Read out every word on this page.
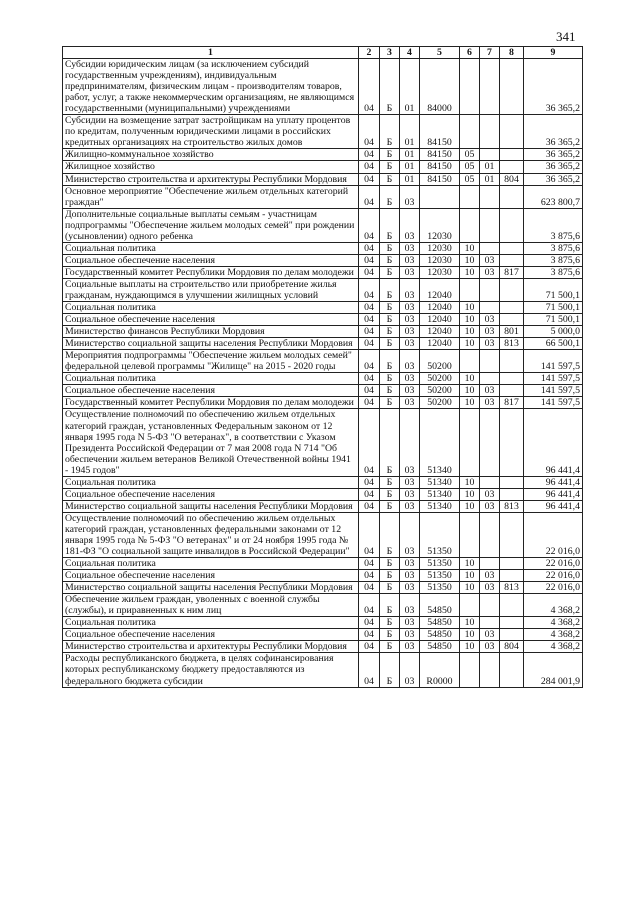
341
1	2	3	4	5	6	7	8	9
Субсидии юридическим лицам (за исключением субсидий государственным учреждениям), индивидуальным предпринимателям, физическим лицам - производителям товаров, работ, услуг, а также некоммерческим организациям, не являющимся государственными (муниципальными) учреждениями	04	Б	01	84000				36 365,2
Субсидии на возмещение затрат застройщикам на уплату процентов по кредитам, полученным юридическими лицами в российских кредитных организациях на строительство жилых домов	04	Б	01	84150				36 365,2
Жилищно-коммунальное хозяйство	04	Б	01	84150	05			36 365,2
Жилищное хозяйство	04	Б	01	84150	05	01		36 365,2
Министерство строительства и архитектуры Республики Мордовия	04	Б	01	84150	05	01	804	36 365,2
Основное мероприятие "Обеспечение жильем отдельных категорий граждан"	04	Б	03					623 800,7
Дополнительные социальные выплаты семьям - участницам подпрограммы "Обеспечение жильем молодых семей" при рождении (усыновлении) одного ребенка	04	Б	03	12030				3 875,6
Социальная политика	04	Б	03	12030	10			3 875,6
Социальное обеспечение населения	04	Б	03	12030	10	03		3 875,6
Государственный комитет Республики Мордовия по делам молодежи	04	Б	03	12030	10	03	817	3 875,6
Социальные выплаты на строительство или приобретение жилья гражданам, нуждающимся в улучшении жилищных условий	04	Б	03	12040				71 500,1
Социальная политика	04	Б	03	12040	10			71 500,1
Социальное обеспечение населения	04	Б	03	12040	10	03		71 500,1
Министерство финансов Республики Мордовия	04	Б	03	12040	10	03	801	5 000,0
Министерство социальной защиты населения Республики Мордовия	04	Б	03	12040	10	03	813	66 500,1
Мероприятия подпрограммы "Обеспечение жильем молодых семей" федеральной целевой программы "Жилище" на 2015 - 2020 годы	04	Б	03	50200				141 597,5
Социальная политика	04	Б	03	50200	10			141 597,5
Социальное обеспечение населения	04	Б	03	50200	10	03		141 597,5
Государственный комитет Республики Мордовия по делам молодежи	04	Б	03	50200	10	03	817	141 597,5
Осуществление полномочий по обеспечению жильем отдельных категорий граждан, установленных Федеральным законом от 12 января 1995 года N 5-ФЗ "О ветеранах", в соответствии с Указом Президента Российской Федерации от 7 мая 2008 года N 714 "Об обеспечении жильем ветеранов Великой Отечественной войны 1941 - 1945 годов"	04	Б	03	51340				96 441,4
Социальная политика	04	Б	03	51340	10			96 441,4
Социальное обеспечение населения	04	Б	03	51340	10	03		96 441,4
Министерство социальной защиты населения Республики Мордовия	04	Б	03	51340	10	03	813	96 441,4
Осуществление полномочий по обеспечению жильем отдельных категорий граждан, установленных федеральными законами от 12 января 1995 года № 5-ФЗ "О ветеранах" и от 24 ноября 1995 года № 181-ФЗ "О социальной защите инвалидов в Российской Федерации"	04	Б	03	51350				22 016,0
Социальная политика	04	Б	03	51350	10			22 016,0
Социальное обеспечение населения	04	Б	03	51350	10	03		22 016,0
Министерство социальной защиты населения Республики Мордовия	04	Б	03	51350	10	03	813	22 016,0
Обеспечение жильем граждан, уволенных с военной службы (службы), и приравненных к ним лиц	04	Б	03	54850				4 368,2
Социальная политика	04	Б	03	54850	10			4 368,2
Социальное обеспечение населения	04	Б	03	54850	10	03		4 368,2
Министерство строительства и архитектуры Республики Мордовия	04	Б	03	54850	10	03	804	4 368,2
Расходы республиканского бюджета, в целях софинансирования которых республиканскому бюджету предоставляются из федерального бюджета субсидии	04	Б	03	R0000				284 001,9
